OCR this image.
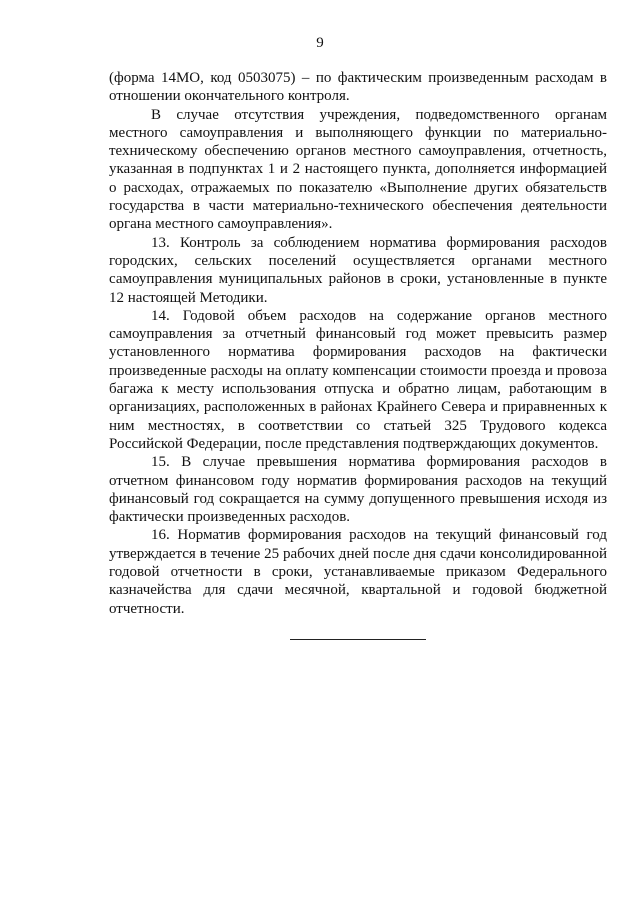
9

(форма 14МО, код 0503075) – по фактическим произведенным расходам в отношении окончательного контроля.

В случае отсутствия учреждения, подведомственного органам местного самоуправления и выполняющего функции по материально-техническому обеспечению органов местного самоуправления, отчетность, указанная в подпунктах 1 и 2 настоящего пункта, дополняется информацией о расходах, отражаемых по показателю «Выполнение других обязательств государства в части материально-технического обеспечения деятельности органа местного самоуправления».

13. Контроль за соблюдением норматива формирования расходов городских, сельских поселений осуществляется органами местного самоуправления муниципальных районов в сроки, установленные в пункте 12 настоящей Методики.

14. Годовой объем расходов на содержание органов местного самоуправления за отчетный финансовый год может превысить размер установленного норматива формирования расходов на фактически произведенные расходы на оплату компенсации стоимости проезда и провоза багажа к месту использования отпуска и обратно лицам, работающим в организациях, расположенных в районах Крайнего Севера и приравненных к ним местностях, в соответствии со статьей 325 Трудового кодекса Российской Федерации, после представления подтверждающих документов.

15. В случае превышения норматива формирования расходов в отчетном финансовом году норматив формирования расходов на текущий финансовый год сокращается на сумму допущенного превышения исходя из фактически произведенных расходов.

16. Норматив формирования расходов на текущий финансовый год утверждается в течение 25 рабочих дней после дня сдачи консолидированной годовой отчетности в сроки, устанавливаемые приказом Федерального казначейства для сдачи месячной, квартальной и годовой бюджетной отчетности.
